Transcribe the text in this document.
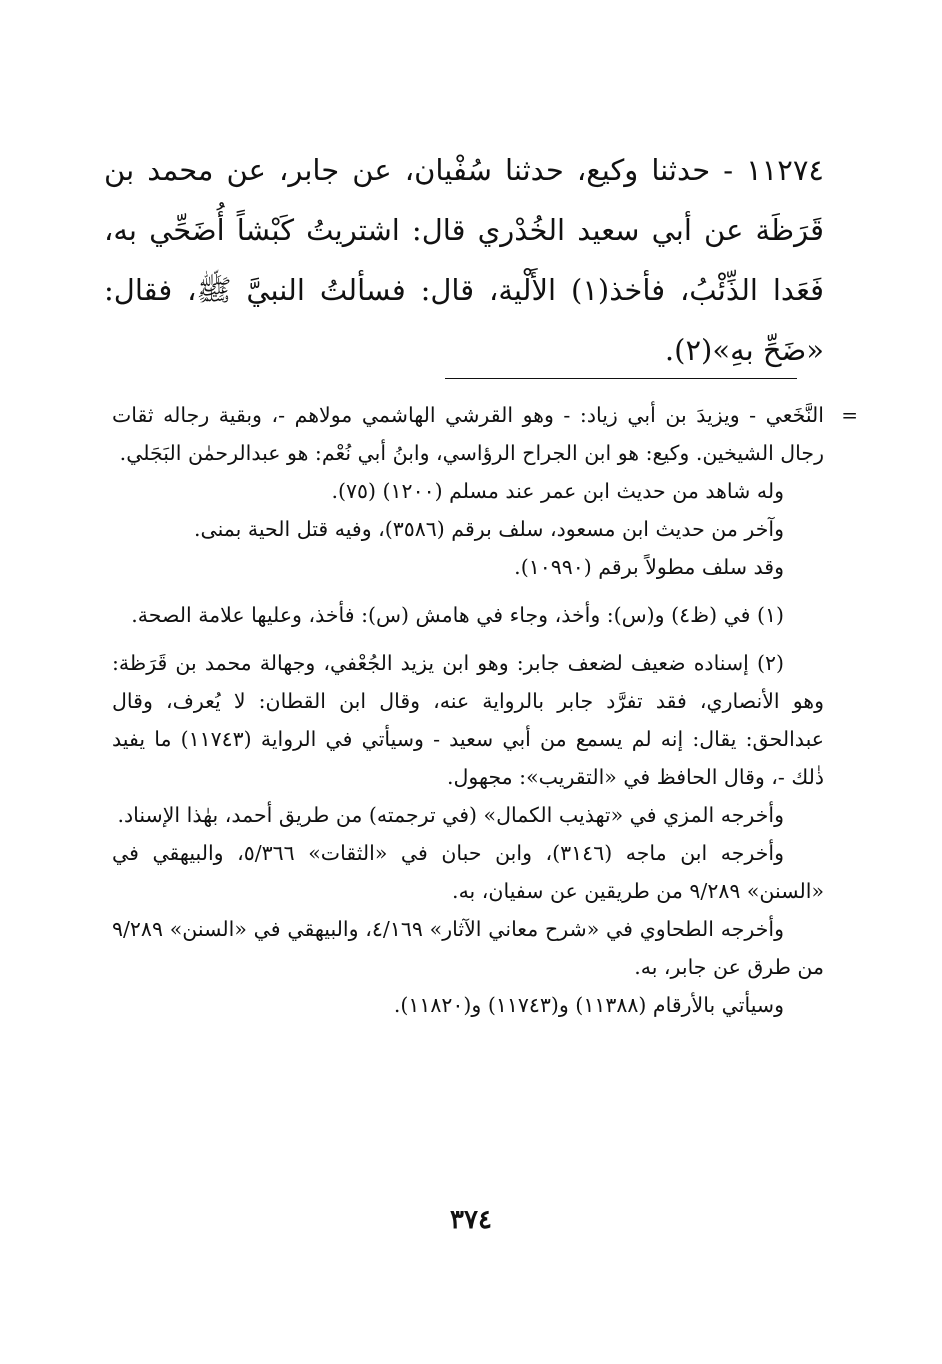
١١٢٧٤ - حدثنا وكيع، حدثنا سُفْيان، عن جابر، عن محمد بن قَرَظَة عن أبي سعيد الخُدْري قال: اشتريتُ كَبْشاً أُضَحِّي به، فَعَدا الذِّئْبُ، فأخذ(١) الأَلْية، قال: فسألتُ النبيَّ ﷺ، فقال: «ضَحِّ بهِ»(٢).

=
النَّخَعي - ويزيدَ بن أبي زياد: - وهو القرشي الهاشمي مولاهم -، وبقية رجاله ثقات رجال الشيخين. وكيع: هو ابن الجراح الرؤاسي، وابنُ أبي نُعْم: هو عبدالرحمٰن البَجَلي.

وله شاهد من حديث ابن عمر عند مسلم (١٢٠٠) (٧٥).

وآخر من حديث ابن مسعود، سلف برقم (٣٥٨٦)، وفيه قتل الحية بمنى.

وقد سلف مطولاً برقم (١٠٩٩٠).

(١) في (ظ٤) و(س): وأخذ، وجاء في هامش (س): فأخذ، وعليها علامة الصحة.

(٢) إسناده ضعيف لضعف جابر: وهو ابن يزيد الجُعْفي، وجهالة محمد بن قَرَظة: وهو الأنصاري، فقد تفرَّد جابر بالرواية عنه، وقال ابن القطان: لا يُعرف، وقال عبدالحق: يقال: إنه لم يسمع من أبي سعيد - وسيأتي في الرواية (١١٧٤٣) ما يفيد ذٰلك -، وقال الحافظ في «التقريب»: مجهول.

وأخرجه المزي في «تهذيب الكمال» (في ترجمته) من طريق أحمد، بهٰذا الإسناد.

وأخرجه ابن ماجه (٣١٤٦)، وابن حبان في «الثقات» ٥/٣٦٦، والبيهقي في «السنن» ٩/٢٨٩ من طريقين عن سفيان، به.

وأخرجه الطحاوي في «شرح معاني الآثار» ٤/١٦٩، والبيهقي في «السنن» ٩/٢٨٩ من طرق عن جابر، به.

وسيأتي بالأرقام (١١٣٨٨) و(١١٧٤٣) و(١١٨٢٠).

٣٧٤
